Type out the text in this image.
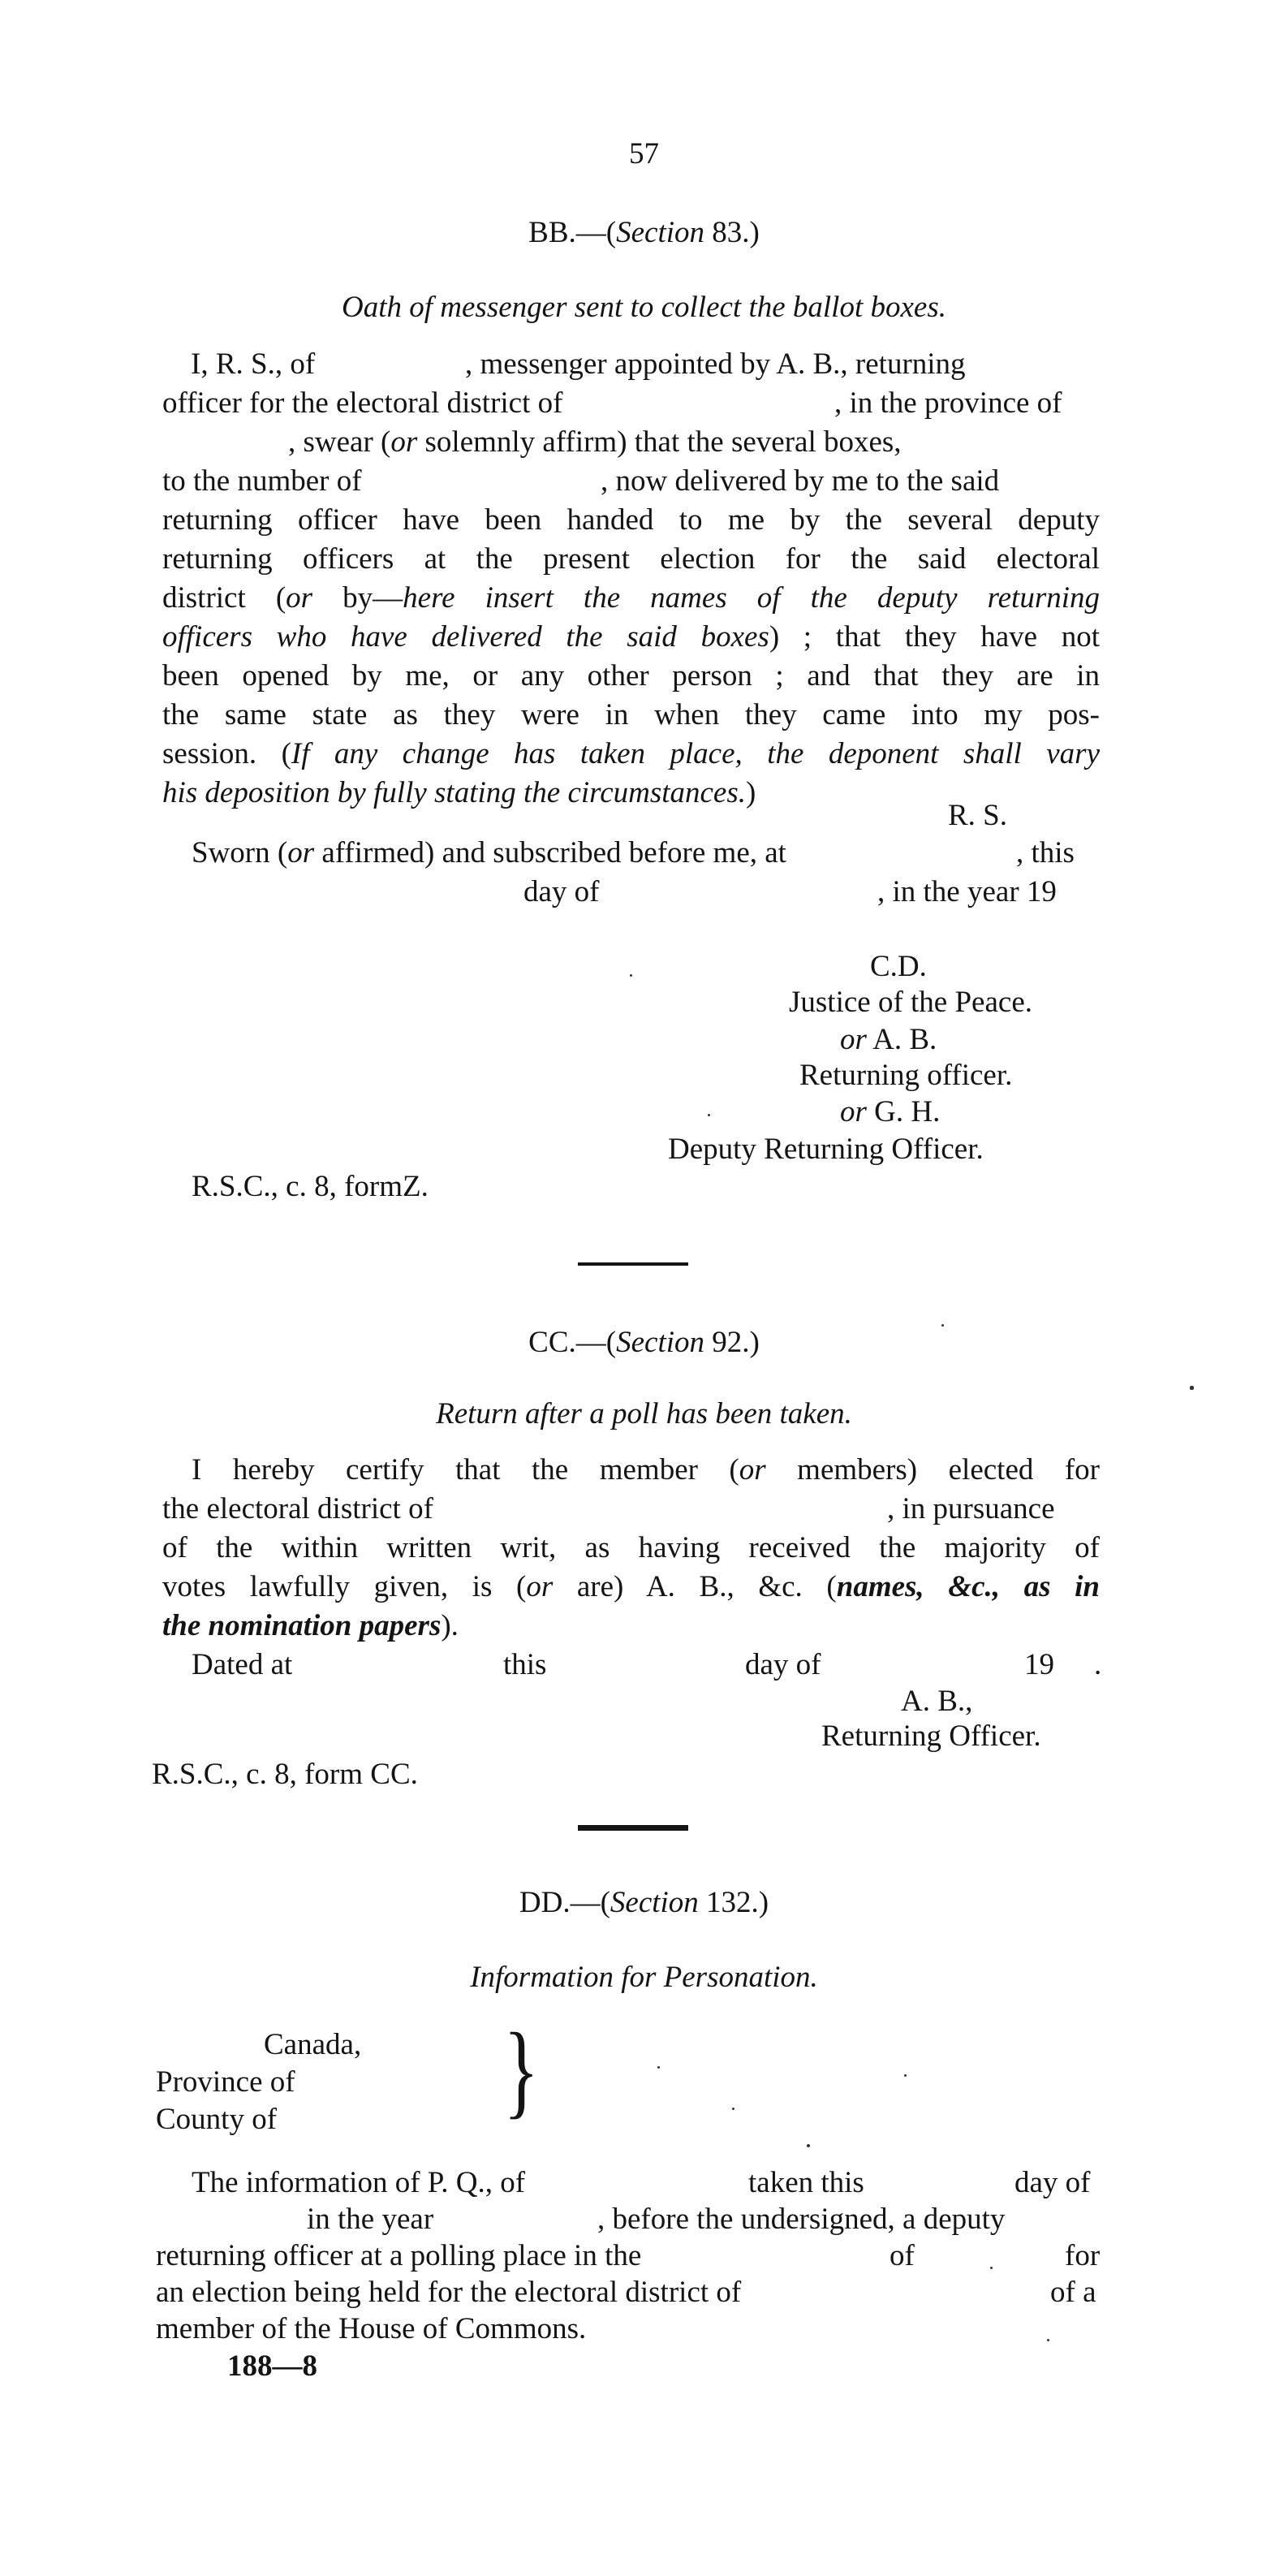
57
BB.—(Section 83.)
Oath of messenger sent to collect the ballot boxes.
I, R. S., of	, messenger appointed by A. B., returning
officer for the electoral district of	, in the province of
, swear (or solemnly affirm) that the several boxes,
to the number of	, now delivered by me to the said
returning officer have been handed to me by the several deputy
returning officers at the present election for the said electoral
district (or by—here insert the names of the deputy returning
officers who have delivered the said boxes) ; that they have not
been opened by me, or any other person ; and that they are in
the same state as they were in when they came into my pos-
session. (If any change has taken place, the deponent shall vary
his deposition by fully stating the circumstances.)
R. S.
Sworn (or affirmed) and subscribed before me, at	, this
day of	, in the year 19
C.D.
Justice of the Peace.
or A. B.
Returning officer.
or G. H.
Deputy Returning Officer.
R.S.C., c. 8, formZ.
CC.—(Section 92.)
Return after a poll has been taken.
I hereby certify that the member (or members) elected for
the electoral district of	, in pursuance
of the within written writ, as having received the majority of
votes lawfully given, is (or are) A. B., &c. (names, &c., as in
the nomination papers).
Dated at	this	day of	19 .
A. B.,
Returning Officer.
R.S.C., c. 8, form CC.
DD.—(Section 132.)
Information for Personation.
Canada,
Province of
County of }
The information of P. Q., of	taken this	day of
in the year	, before the undersigned, a deputy
returning officer at a polling place in the	of	for
an election being held for the electoral district of	of a
member of the House of Commons.
188—8
